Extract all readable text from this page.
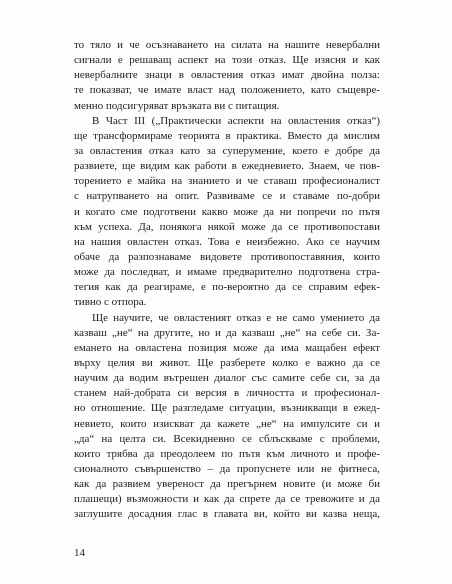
то тяло и че осъзнаването на силата на нашите невербални
сигнали е решаващ аспект на този отказ. Ще изясня и как
невербалните знаци в овластения отказ имат двойна полза:
те показват, че имате власт над положението, като същевре-
менно подсигуряват връзката ви с питащия.
В Част III („Практически аспекти на овластения отказ“)
ще трансформираме теорията в практика. Вместо да мислим
за овластения отказ като за суперумение, което е добре да
развиете, ще видим как работи в ежедневието. Знаем, че пов-
торението е майка на знанието и че ставаш професионалист
с натрупването на опит. Развиваме се и ставаме по-добри
и когато сме подготвени какво може да ни попречи по пътя
към успеха. Да, понякога някой може да се противопостави
на нашия овластен отказ. Това е неизбежно. Ако се научим
обаче да разпознаваме видовете противопоставяния, които
може да последват, и имаме предварително подготвена стра-
тегия как да реагираме, е по-вероятно да се справим ефек-
тивно с отпора.
Ще научите, че овластеният отказ е не само умението да
казваш „не“ на другите, но и да казваш „не“ на себе си. За-
емането на овластена позиция може да има мащабен ефект
върху целия ви живот. Ще разберете колко е важно да се
научим да водим вътрешен диалог със самите себе си, за да
станем най-добрата си версия в личността и професионал-
но отношение. Ще разгледаме ситуации, възникващи в ежед-
невието, които изискват да кажете „не“ на импулсите си и
„да“ на целта си. Всекидневно се сблъскваме с проблеми,
които трябва да преодолеем по пътя към личното и профе-
сионалното съвършенство – да пропуснете или не фитнеса,
как да развием увереност да прегърнем новите (и може би
плашещи) възможности и как да спрете да се тревожите и да
заглушите досадния глас в главата ви, който ви казва неща,
14
